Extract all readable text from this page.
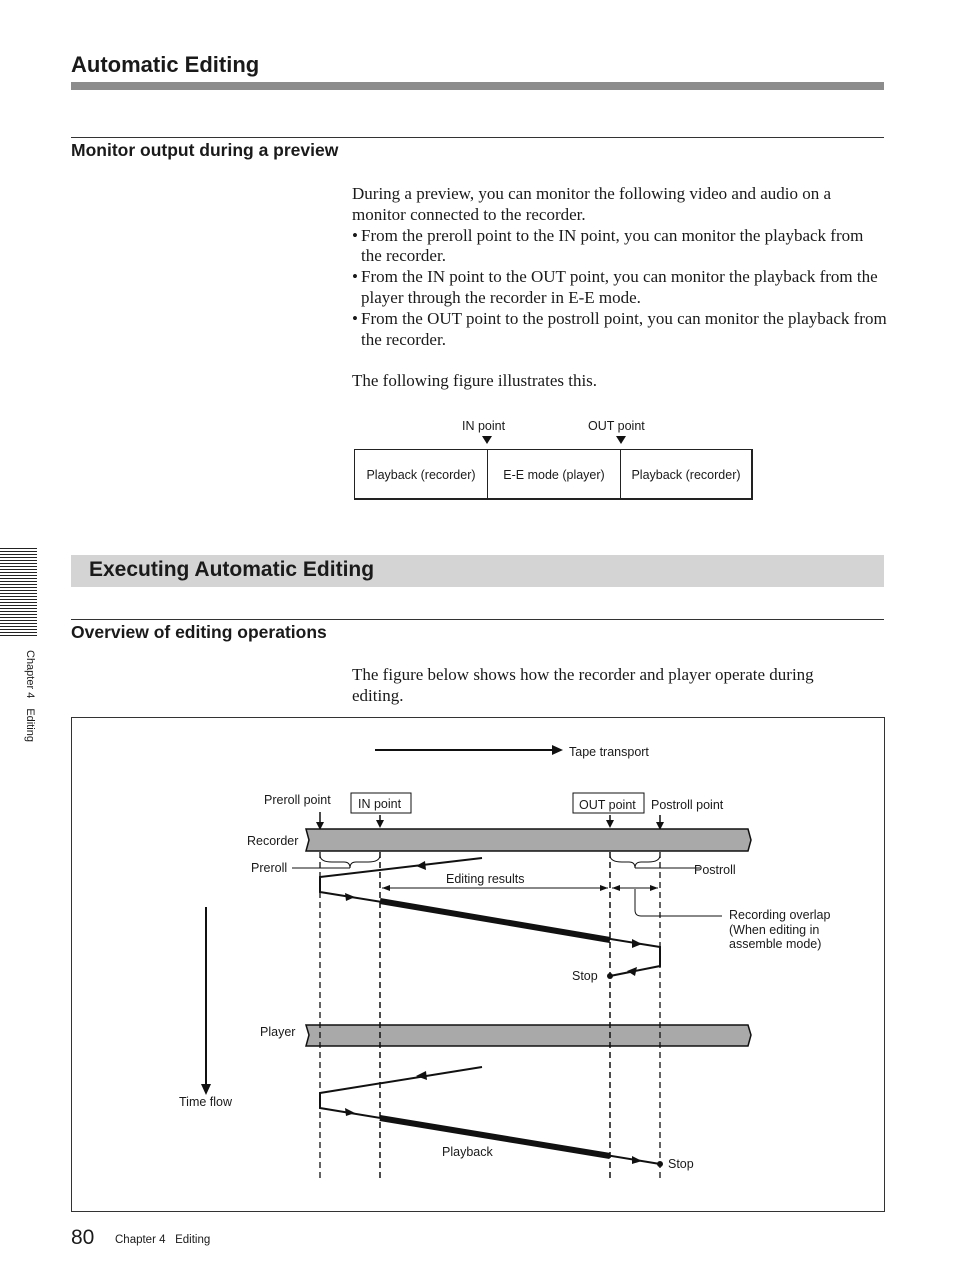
Automatic Editing
Monitor output during a preview

During a preview, you can monitor the following video and audio on a monitor connected to the recorder.

• From the preroll point to the IN point, you can monitor the playback from the recorder.
• From the IN point to the OUT point, you can monitor the playback from the player through the recorder in E-E mode.
• From the OUT point to the postroll point, you can monitor the playback from the recorder.

The following figure illustrates this.

IN point	OUT point
Playback (recorder)	E-E mode (player)	Playback (recorder)
Chapter 4Editing
Executing Automatic Editing
Overview of editing operations
The figure below shows how the recorder and player operate during editing.
Tape transport
Preroll point IN point	OUT point Postroll point
Recorder
Player
Preroll	Postroll
Editing results
Recording overlap
(When editing in
assemble mode)
Stop
Time flow
Stop
Playback
80 Chapter 4 Editing
